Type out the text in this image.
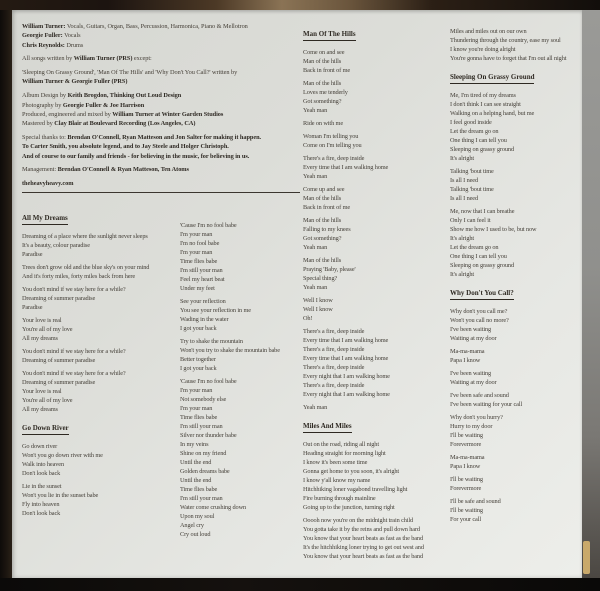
William Turner: Vocals, Guitars, Organ, Bass, Percussion, Harmonica, Piano & Mellotron
Georgie Fuller: Vocals
Chris Reynolds: Drums
All songs written by William Turner (PRS) except:
'Sleeping On Grassy Ground', 'Man Of The Hills' and 'Why Don't You Call?' written by
William Turner & Georgie Fuller (PRS)
Album Design by Keith Brogdon, Thinking Out Loud Design
Photography by Georgie Fuller & Joe Harrison
Produced, engineered and mixed by William Turner at Winter Garden Studios
Mastered by Clay Blair at Boulevard Recording (Los Angeles, CA)
Special thanks to: Brendan O'Connell, Ryan Matteson and Jon Salter for making it happen.
To Carter Smith, you absolute legend, and to Jay Steele and Holger Christoph.
And of course to our family and friends - for believing in the music, for believing in us.
Management: Brendan O'Connell & Ryan Matteson, Ten Atoms
theheavyheavy.com
All My Dreams
Dreaming of a place where the sunlight never sleeps
It's a beauty, colour paradise
Paradise
Trees don't grow old and the blue sky's on your mind
And it's forty miles, forty miles back from here
You don't mind if we stay here for a while?
Dreaming of summer paradise
Paradise
Your love is real
You're all of my love
All my dreams
You don't mind if we stay here for a while?
Dreaming of summer paradise
You don't mind if we stay here for a while?
Dreaming of summer paradise
Your love is real
You're all of my love
All my dreams
Go Down River
Go down river
Won't you go down river with me
Walk into heaven
Don't look back
Lie in the sunset
Won't you lie in the sunset babe
Fly into heaven
Don't look back
'Cause I'm no fool babe
I'm your man
I'm no fool babe
I'm your man
Time flies babe
I'm still your man
Feel my heart beat
Under my feet
See your reflection
You see your reflection in me
Wading in the water
I got your back
Try to shake the mountain
Won't you try to shake the mountain babe
Better together
I got your back
'Cause I'm no fool babe
I'm your man
Not somebody else
I'm your man
Time flies babe
I'm still your man
Silver nor thunder babe
In my veins
Shine on my friend
Until the end
Golden dreams babe
Until the end
Time flies babe
I'm still your man
Water come crushing down
Upon my soul
Angel cry
Cry out loud
Man Of The Hills
Come on and see
Man of the hills
Back in front of me
Man of the hills
Loves me tenderly
Got something?
Yeah man
Ride on with me
Woman I'm telling you
Come on I'm telling you
There's a fire, deep inside
Every time that I am walking home
Yeah man
Come up and see
Man of the hills
Back in front of me
Man of the hills
Falling to my knees
Got something?
Yeah man
Man of the hills
Praying 'Baby, please'
Special thing?
Yeah man
Well I know
Well I know
Oh!
There's a fire, deep inside
Every time that I am walking home
There's a fire, deep inside
Every time that I am walking home
There's a fire, deep inside
Every night that I am walking home
There's a fire, deep inside
Every night that I am walking home
Yeah man
Miles And Miles
Out on the road, riding all night
Heading straight for morning light
I know it's been some time
Gonna get home to you soon, it's alright
I know y'all know my name
Hitchhiking loner vagabond travelling light
Fire burning through mainline
Going up to the junction, turning right
Ooooh now you're on the midnight train child
You gotta take it by the reins and pull down hard
You know that your heart beats as fast as the band
It's the hitchhiking loner trying to get out west and
You know that your heart beats as fast as the band
Miles and miles out on our own
Thundering through the country, ease my soul
I know you're doing alright
You're gonna have to forget that I'm out all night
Sleeping On Grassy Ground
Me, I'm tired of my dreams
I don't think I can see straight
Walking on a helping hand, but me
I feel good inside
Let the dream go on
One thing I can tell you
Sleeping on grassy ground
It's alright
Talking 'bout time
Is all I need
Talking 'bout time
Is all I need
Me, now that I can breathe
Only I can feel it
Show me how I used to be, but now
It's alright
Let the dream go on
One thing I can tell you
Sleeping on grassy ground
It's alright
Why Don't You Call?
Why don't you call me?
Won't you call no more?
I've been waiting
Waiting at my door
Ma-ma-mama
Papa I know
I've been waiting
Waiting at my door
I've been safe and sound
I've been waiting for your call
Why don't you hurry?
Hurry to my door
I'll be waiting
Forevermore
Ma-ma-mama
Papa I know
I'll be waiting
Forevermore
I'll be safe and sound
I'll be waiting
For your call
